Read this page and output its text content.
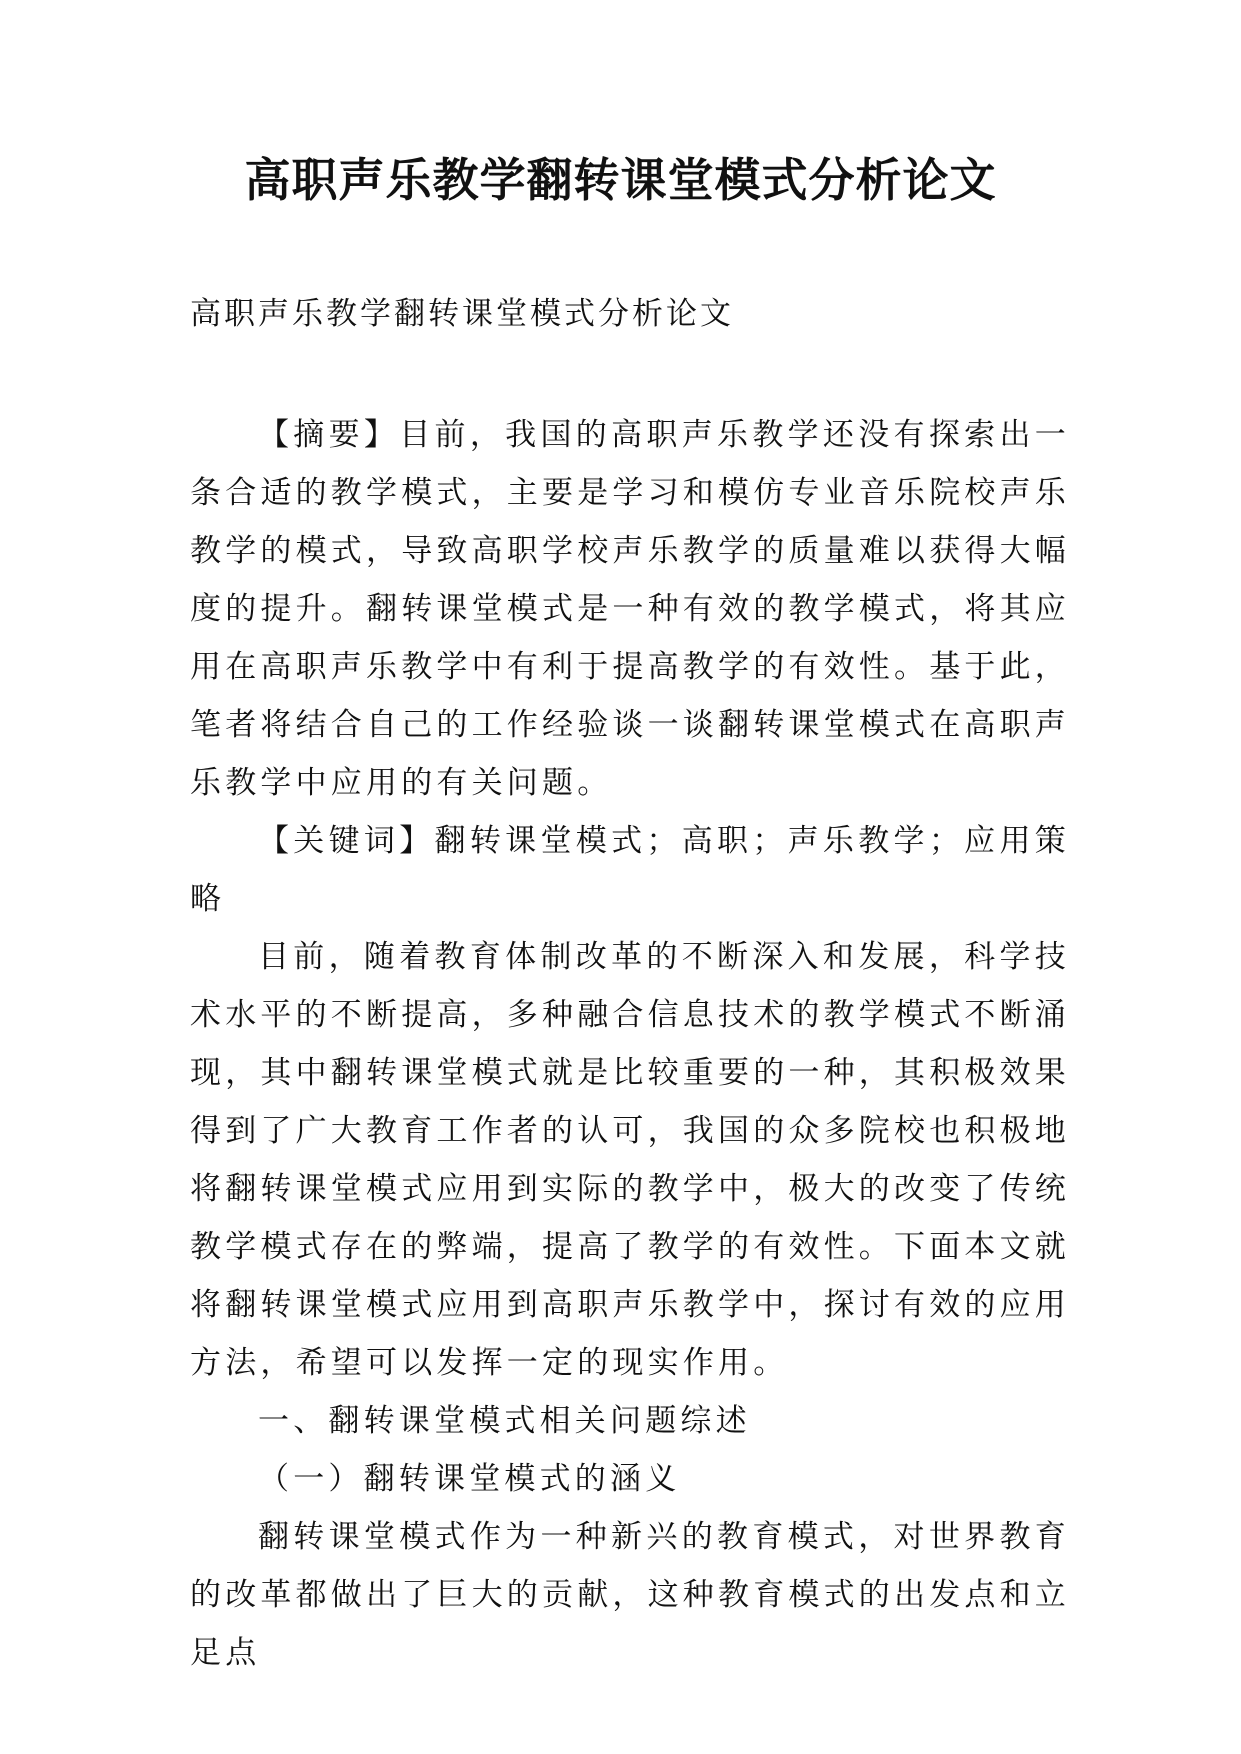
高职声乐教学翻转课堂模式分析论文
高职声乐教学翻转课堂模式分析论文

【摘要】目前，我国的高职声乐教学还没有探索出一条合适的教学模式，主要是学习和模仿专业音乐院校声乐教学的模式，导致高职学校声乐教学的质量难以获得大幅度的提升。翻转课堂模式是一种有效的教学模式，将其应用在高职声乐教学中有利于提高教学的有效性。基于此，笔者将结合自己的工作经验谈一谈翻转课堂模式在高职声乐教学中应用的有关问题。

【关键词】翻转课堂模式；高职；声乐教学；应用策略

目前，随着教育体制改革的不断深入和发展，科学技术水平的不断提高，多种融合信息技术的教学模式不断涌现，其中翻转课堂模式就是比较重要的一种，其积极效果得到了广大教育工作者的认可，我国的众多院校也积极地将翻转课堂模式应用到实际的教学中，极大的改变了传统教学模式存在的弊端，提高了教学的有效性。下面本文就将翻转课堂模式应用到高职声乐教学中，探讨有效的应用方法，希望可以发挥一定的现实作用。

一、翻转课堂模式相关问题综述

（一）翻转课堂模式的涵义

翻转课堂模式作为一种新兴的教育模式，对世界教育的改革都做出了巨大的贡献，这种教育模式的出发点和立足点
